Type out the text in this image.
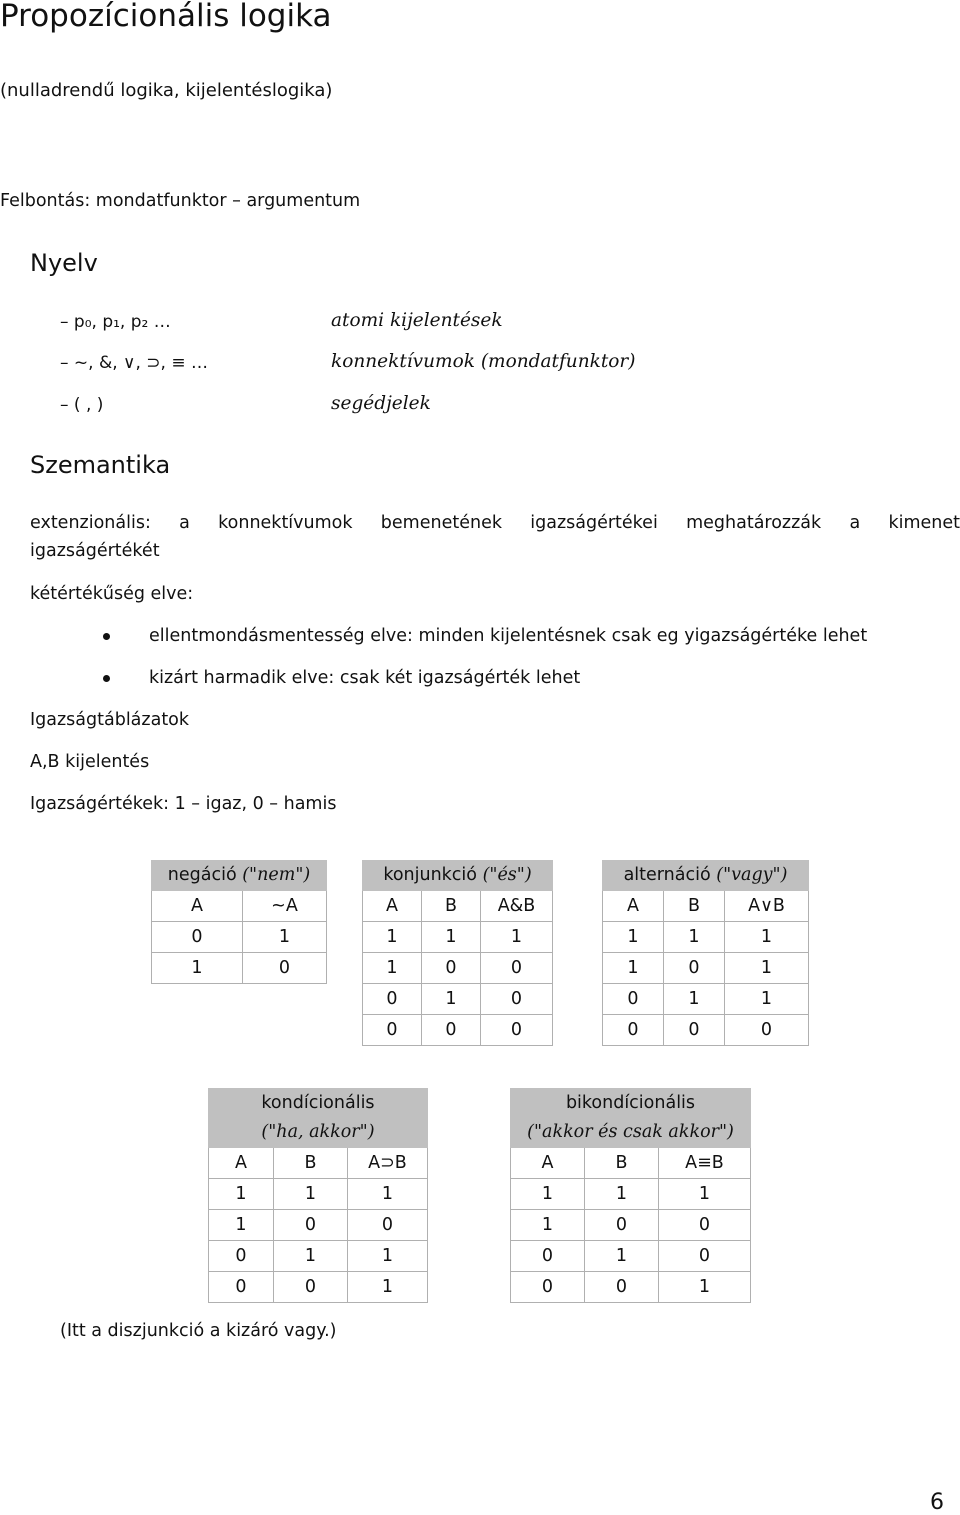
Propozícionális logika
(nulladrendű logika, kijelentéslogika)
Felbontás: mondatfunktor – argumentum
Nyelv
– p₀, p₁, p₂ …	atomi kijelentések
– ~, &, ∨, ⊃, ≡ …	konnektívumok (mondatfunktor)
– ( , )	segédjelek
Szemantika
extenzionális: a konnektívumok bemenetének igazságértékei meghatározzák a kimenet
igazságértékét
kétértékűség elve:
ellentmondásmentesség elve: minden kijelentésnek csak eg yigazságértéke lehet
kizárt harmadik elve: csak két igazságérték lehet
Igazságtáblázatok
A,B kijelentés
Igazságértékek: 1 – igaz, 0 – hamis
negáció ("nem")	
A	~A
0	1
1	0
konjunkció ("és")		
A	B	A&B
1	1	1
1	0	0
0	1	0
0	0	0
alternáció ("vagy")		
A	B	A∨B
1	1	1
1	0	1
0	1	1
0	0	0
kondícionális
("ha, akkor")		
A	B	A⊃B
1	1	1
1	0	0
0	1	1
0	0	1
bikondícionális
("akkor és csak akkor")		
A	B	A≡B
1	1	1
1	0	0
0	1	0
0	0	1
(Itt a diszjunkció a kizáró vagy.)
6
